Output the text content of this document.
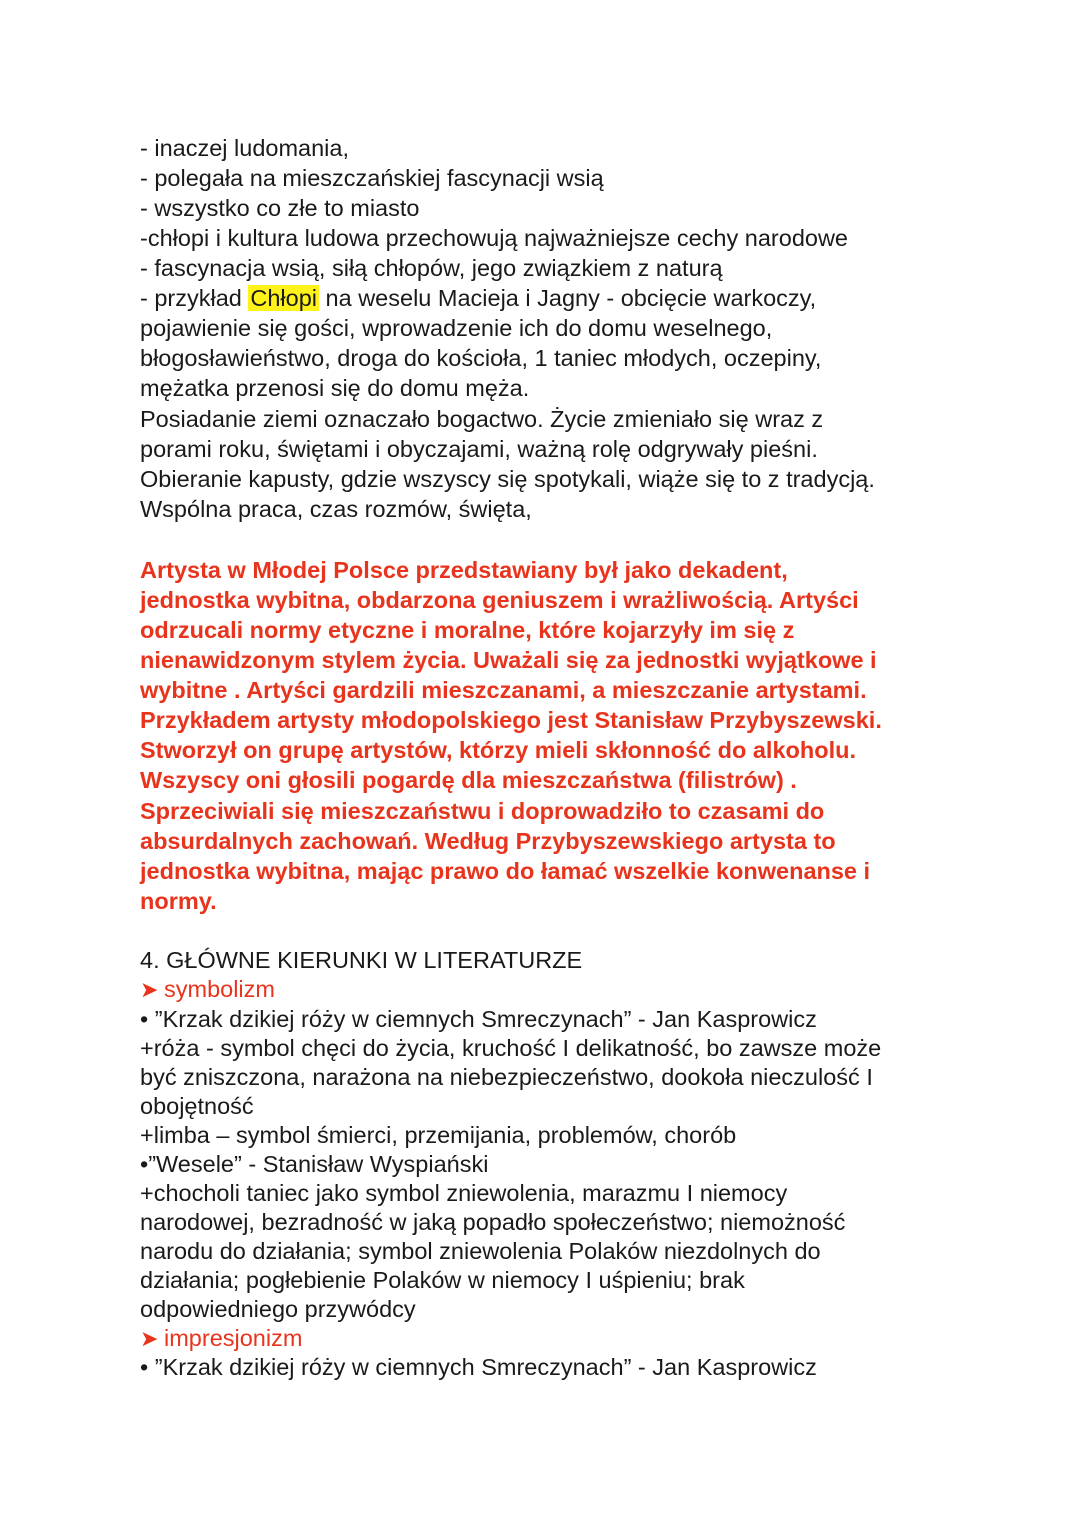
- inaczej ludomania,
- polegała na mieszczańskiej fascynacji wsią
- wszystko co złe to miasto
-chłopi i kultura ludowa przechowują najważniejsze cechy narodowe
- fascynacja wsią, siłą chłopów, jego związkiem z naturą
- przykład Chłopi na weselu Macieja i Jagny - obcięcie warkoczy,
pojawienie się gości, wprowadzenie ich do domu weselnego,
błogosławieństwo, droga do kościoła, 1 taniec młodych, oczepiny,
mężatka przenosi się do domu męża.
Posiadanie ziemi oznaczało bogactwo. Życie zmieniało się wraz z
porami roku, świętami i obyczajami, ważną rolę odgrywały pieśni.
Obieranie kapusty, gdzie wszyscy się spotykali, wiąże się to z tradycją.
Wspólna praca, czas rozmów, święta,
Artysta w Młodej Polsce przedstawiany był jako dekadent,
jednostka wybitna, obdarzona geniuszem i wrażliwością. Artyści
odrzucali normy etyczne i moralne, które kojarzyły im się z
nienawidzonym stylem życia. Uważali się za jednostki wyjątkowe i
wybitne . Artyści gardzili mieszczanami, a mieszczanie artystami.
Przykładem artysty młodopolskiego jest Stanisław Przybyszewski.
Stworzył on grupę artystów, którzy mieli skłonność do alkoholu.
Wszyscy oni głosili pogardę dla mieszczaństwa (filistrów) .
Sprzeciwiali się mieszczaństwu i doprowadziło to czasami do
absurdalnych zachowań. Według Przybyszewskiego artysta to
jednostka wybitna, mając prawo do łamać wszelkie konwenanse i
normy.
4. GŁÓWNE KIERUNKI W LITERATURZE
➤ symbolizm
• ”Krzak dzikiej róży w ciemnych Smreczynach” - Jan Kasprowicz
+róża - symbol chęci do życia, kruchość I delikatność, bo zawsze może
być zniszczona, narażona na niebezpieczeństwo, dookoła nieczulość I
obojętność
+limba – symbol śmierci, przemijania, problemów, chorób
•”Wesele” - Stanisław Wyspiański
+chocholi taniec jako symbol zniewolenia, marazmu I niemocy
narodowej, bezradność w jaką popadło społeczeństwo; niemożność
narodu do działania; symbol zniewolenia Polaków niezdolnych do
działania; pogłebienie Polaków w niemocy I uśpieniu; brak
odpowiedniego przywódcy
➤ impresjonizm
• ”Krzak dzikiej róży w ciemnych Smreczynach” - Jan Kasprowicz
